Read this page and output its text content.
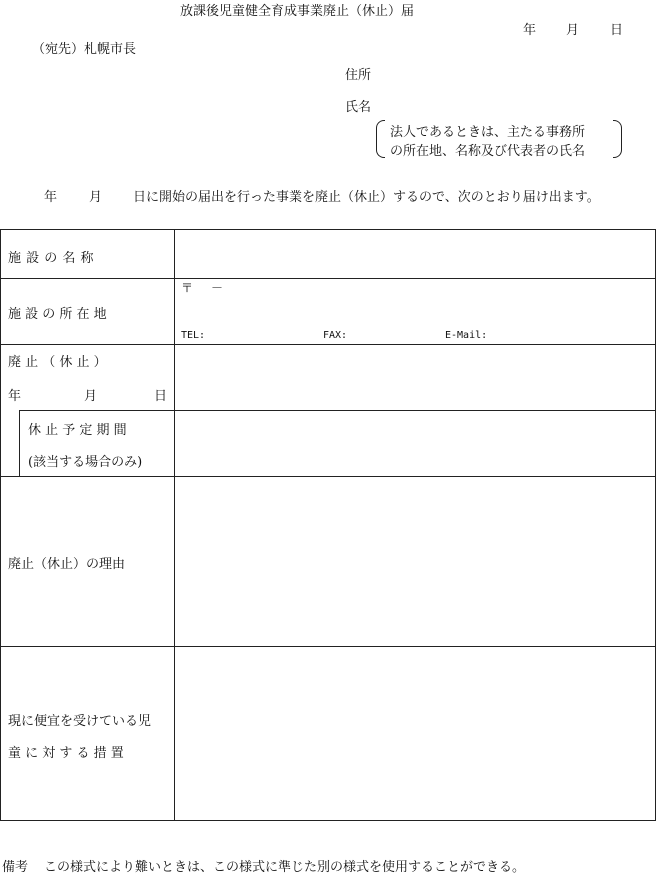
放課後児童健全育成事業廃止（休止）届
年 月 日
（宛先）札幌市長
住所
氏名
法人であるときは、主たる事務所
の所在地、名称及び代表者の氏名
年 月 日に開始の届出を行った事業を廃止（休止）するので、次のとおり届け出ます。
施 設 の 名 称
施 設 の 所 在 地
〒 －
TEL:	FAX:	E-Mail:
廃 止 （ 休 止 ）
年	月	日
休 止 予 定 期 間
(該当する場合のみ)
廃止（休止）の理由
現に便宜を受けている児
童 に 対 す る 措 置
備考 この様式により難いときは、この様式に準じた別の様式を使用することができる。
